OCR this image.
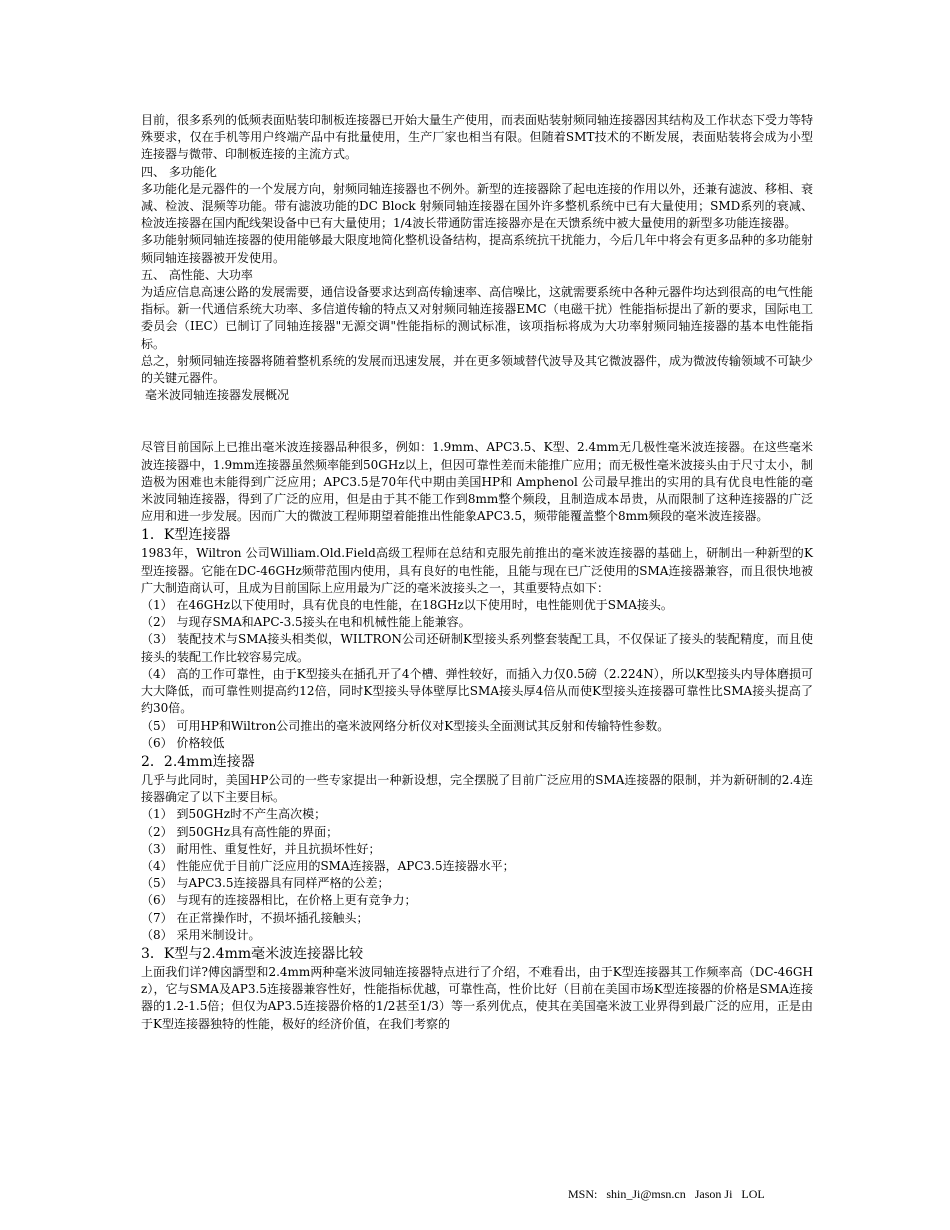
目前，很多系列的低频表面贴装印制板连接器已开始大量生产使用，而表面贴装射频同轴连接器因其结构及工作状态下受力等特殊要求，仅在手机等用户终端产品中有批量使用，生产厂家也相当有限。但随着SMT技术的不断发展，表面贴装将会成为小型连接器与微带、印制板连接的主流方式。

四、 多功能化

多功能化是元器件的一个发展方向，射频同轴连接器也不例外。新型的连接器除了起电连接的作用以外，还兼有滤波、移相、衰减、检波、混频等功能。带有滤波功能的DC Block 射频同轴连接器在国外许多整机系统中已有大量使用；SMD系列的衰减、检波连接器在国内配线架设备中已有大量使用；1/4波长带通防雷连接器亦是在天馈系统中被大量使用的新型多功能连接器。

多功能射频同轴连接器的使用能够最大限度地简化整机设备结构，提高系统抗干扰能力，今后几年中将会有更多品种的多功能射频同轴连接器被开发使用。

五、 高性能、大功率

为适应信息高速公路的发展需要，通信设备要求达到高传输速率、高信噪比，这就需要系统中各种元器件均达到很高的电气性能指标。新一代通信系统大功率、多信道传输的特点又对射频同轴连接器EMC（电磁干扰）性能指标提出了新的要求，国际电工委员会（IEC）已制订了同轴连接器"无源交调"性能指标的测试标准，该项指标将成为大功率射频同轴连接器的基本电性能指标。

总之，射频同轴连接器将随着整机系统的发展而迅速发展，并在更多领域替代波导及其它微波器件，成为微波传输领域不可缺少的关键元器件。

毫米波同轴连接器发展概况

尽管目前国际上已推出毫米波连接器品种很多，例如：1.9mm、APC3.5、K型、2.4mm无几极性毫米波连接器。在这些毫米波连接器中，1.9mm连接器虽然频率能到50GHz以上，但因可靠性差而未能推广应用；而无极性毫米波接头由于尺寸太小，制造极为困难也未能得到广泛应用；APC3.5是70年代中期由美国HP和 Amphenol 公司最早推出的实用的具有优良电性能的毫米波同轴连接器，得到了广泛的应用，但是由于其不能工作到8mm整个频段，且制造成本昂贵，从而限制了这种连接器的广泛应用和进一步发展。因而广大的微波工程师期望着能推出性能象APC3.5，频带能覆盖整个8mm频段的毫米波连接器。

1．K型连接器

1983年，Wiltron 公司William.Old.Field高级工程师在总结和克服先前推出的毫米波连接器的基础上，研制出一种新型的K型连接器。它能在DC-46GHz频带范围内使用，具有良好的电性能，且能与现在已广泛使用的SMA连接器兼容，而且很快地被广大制造商认可，且成为目前国际上应用最为广泛的毫米波接头之一，其重要特点如下：

（1） 在46GHz以下使用时，具有优良的电性能，在18GHz以下使用时，电性能则优于SMA接头。

（2） 与现存SMA和APC-3.5接头在电和机械性能上能兼容。

（3） 装配技术与SMA接头相类似，WILTRON公司还研制K型接头系列整套装配工具，不仅保证了接头的装配精度，而且使接头的装配工作比较容易完成。

（4） 高的工作可靠性，由于K型接头在插孔开了4个槽、弹性较好，而插入力仅0.5磅（2.224N），所以K型接头内导体磨损可大大降低，而可靠性则提高约12倍，同时K型接头导体壁厚比SMA接头厚4倍从而使K型接头连接器可靠性比SMA接头提高了约30倍。

（5） 可用HP和Wiltron公司推出的毫米波网络分析仪对K型接头全面测试其反射和传输特性参数。

（6） 价格较低

2．2.4mm连接器

几乎与此同时，美国HP公司的一些专家提出一种新设想，完全摆脱了目前广泛应用的SMA连接器的限制，并为新研制的2.4连接器确定了以下主要目标。

（1） 到50GHz时不产生高次模；

（2） 到50GHz具有高性能的界面；

（3） 耐用性、重复性好，并且抗损坏性好；

（4） 性能应优于目前广泛应用的SMA连接器，APC3.5连接器水平；

（5） 与APC3.5连接器具有同样严格的公差；

（6） 与现有的连接器相比，在价格上更有竞争力；

（7） 在正常操作时，不损坏插孔接触头；

（8） 采用米制设计。

3．K型与2.4mm毫米波连接器比较

上面我们详?傅囟諝型和2.4mm两种毫米波同轴连接器特点进行了介绍，不难看出，由于K型连接器其工作频率高（DC-46GHz），它与SMA及AP3.5连接器兼容性好，性能指标优越，可靠性高，性价比好（目前在美国市场K型连接器的价格是SMA连接器的1.2-1.5倍；但仅为AP3.5连接器价格的1/2甚至1/3）等一系列优点，使其在美国毫米波工业界得到最广泛的应用，正是由于K型连接器独特的性能，极好的经济价值，在我们考察的

MSN:   shin_Ji@msn.cn   Jason Ji   LOL
